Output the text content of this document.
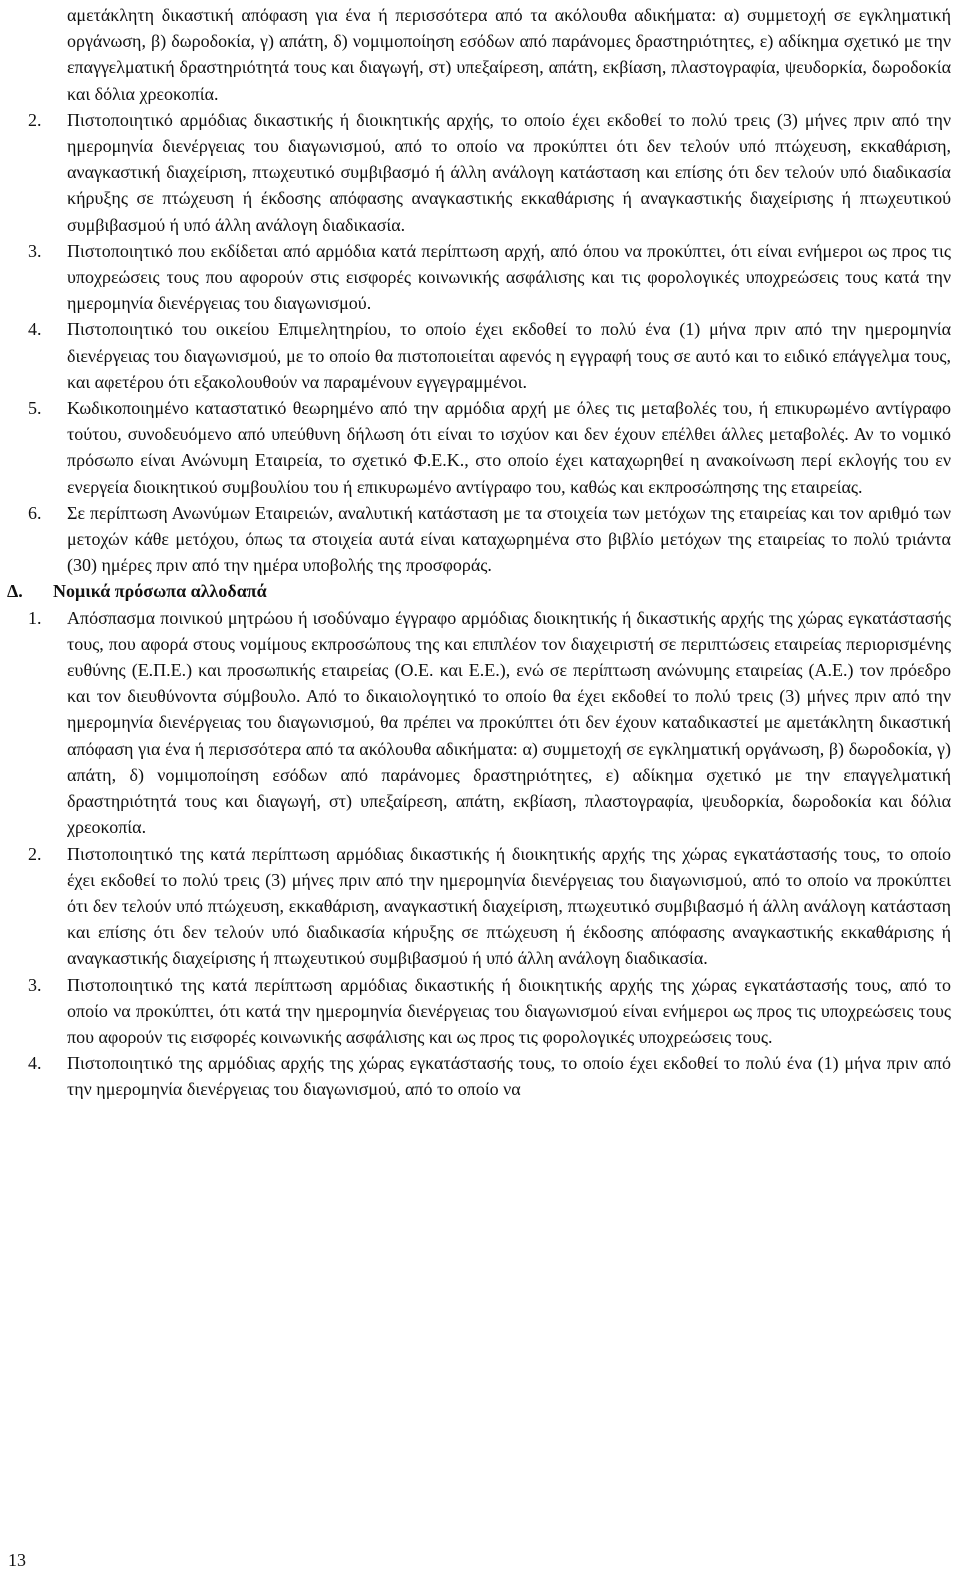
αμετάκλητη δικαστική απόφαση για ένα ή περισσότερα από τα ακόλουθα αδικήματα: α) συμμετοχή σε εγκληματική οργάνωση, β) δωροδοκία, γ) απάτη, δ) νομιμοποίηση εσόδων από παράνομες δραστηριότητες, ε) αδίκημα σχετικό με την επαγγελματική δραστηριότητά τους και διαγωγή, στ) υπεξαίρεση, απάτη, εκβίαση, πλαστογραφία, ψευδορκία, δωροδοκία και δόλια χρεοκοπία.

2. Πιστοποιητικό αρμόδιας δικαστικής ή διοικητικής αρχής, το οποίο έχει εκδοθεί το πολύ τρεις (3) μήνες πριν από την ημερομηνία διενέργειας του διαγωνισμού, από το οποίο να προκύπτει ότι δεν τελούν υπό πτώχευση, εκκαθάριση, αναγκαστική διαχείριση, πτωχευτικό συμβιβασμό ή άλλη ανάλογη κατάσταση και επίσης ότι δεν τελούν υπό διαδικασία κήρυξης σε πτώχευση ή έκδοσης απόφασης αναγκαστικής εκκαθάρισης ή αναγκαστικής διαχείρισης ή πτωχευτικού συμβιβασμού ή υπό άλλη ανάλογη διαδικασία.
3. Πιστοποιητικό που εκδίδεται από αρμόδια κατά περίπτωση αρχή, από όπου να προκύπτει, ότι είναι ενήμεροι ως προς τις υποχρεώσεις τους που αφορούν στις εισφορές κοινωνικής ασφάλισης και τις φορολογικές υποχρεώσεις τους κατά την ημερομηνία διενέργειας του διαγωνισμού.
4. Πιστοποιητικό του οικείου Επιμελητηρίου, το οποίο έχει εκδοθεί το πολύ ένα (1) μήνα πριν από την ημερομηνία διενέργειας του διαγωνισμού, με το οποίο θα πιστοποιείται αφενός η εγγραφή τους σε αυτό και το ειδικό επάγγελμα τους, και αφετέρου ότι εξακολουθούν να παραμένουν εγγεγραμμένοι.
5. Κωδικοποιημένο καταστατικό θεωρημένο από την αρμόδια αρχή με όλες τις μεταβολές του, ή επικυρωμένο αντίγραφο τούτου, συνοδευόμενο από υπεύθυνη δήλωση ότι είναι το ισχύον και δεν έχουν επέλθει άλλες μεταβολές. Αν το νομικό πρόσωπο είναι Ανώνυμη Εταιρεία, το σχετικό Φ.Ε.Κ., στο οποίο έχει καταχωρηθεί η ανακοίνωση περί εκλογής του εν ενεργεία διοικητικού συμβουλίου του ή επικυρωμένο αντίγραφο του, καθώς και εκπροσώπησης της εταιρείας.
6. Σε περίπτωση Ανωνύμων Εταιρειών, αναλυτική κατάσταση με τα στοιχεία των μετόχων της εταιρείας και τον αριθμό των μετοχών κάθε μετόχου, όπως τα στοιχεία αυτά είναι καταχωρημένα στο βιβλίο μετόχων της εταιρείας το πολύ τριάντα (30) ημέρες πριν από την ημέρα υποβολής της προσφοράς.
Δ. Νομικά πρόσωπα αλλοδαπά
1. Απόσπασμα ποινικού μητρώου ή ισοδύναμο έγγραφο αρμόδιας διοικητικής ή δικαστικής αρχής της χώρας εγκατάστασής τους, που αφορά στους νομίμους εκπροσώπους της και επιπλέον τον διαχειριστή σε περιπτώσεις εταιρείας περιορισμένης ευθύνης (Ε.Π.Ε.) και προσωπικής εταιρείας (Ο.Ε. και Ε.Ε.), ενώ σε περίπτωση ανώνυμης εταιρείας (Α.Ε.) τον πρόεδρο και τον διευθύνοντα σύμβουλο. Από το δικαιολογητικό το οποίο θα έχει εκδοθεί το πολύ τρεις (3) μήνες πριν από την ημερομηνία διενέργειας του διαγωνισμού, θα πρέπει να προκύπτει ότι δεν έχουν καταδικαστεί με αμετάκλητη δικαστική απόφαση για ένα ή περισσότερα από τα ακόλουθα αδικήματα: α) συμμετοχή σε εγκληματική οργάνωση, β) δωροδοκία, γ) απάτη, δ) νομιμοποίηση εσόδων από παράνομες δραστηριότητες, ε) αδίκημα σχετικό με την επαγγελματική δραστηριότητά τους και διαγωγή, στ) υπεξαίρεση, απάτη, εκβίαση, πλαστογραφία, ψευδορκία, δωροδοκία και δόλια χρεοκοπία.
2. Πιστοποιητικό της κατά περίπτωση αρμόδιας δικαστικής ή διοικητικής αρχής της χώρας εγκατάστασής τους, το οποίο έχει εκδοθεί το πολύ τρεις (3) μήνες πριν από την ημερομηνία διενέργειας του διαγωνισμού, από το οποίο να προκύπτει ότι δεν τελούν υπό πτώχευση, εκκαθάριση, αναγκαστική διαχείριση, πτωχευτικό συμβιβασμό ή άλλη ανάλογη κατάσταση και επίσης ότι δεν τελούν υπό διαδικασία κήρυξης σε πτώχευση ή έκδοσης απόφασης αναγκαστικής εκκαθάρισης ή αναγκαστικής διαχείρισης ή πτωχευτικού συμβιβασμού ή υπό άλλη ανάλογη διαδικασία.
3. Πιστοποιητικό της κατά περίπτωση αρμόδιας δικαστικής ή διοικητικής αρχής της χώρας εγκατάστασής τους, από το οποίο να προκύπτει, ότι κατά την ημερομηνία διενέργειας του διαγωνισμού είναι ενήμεροι ως προς τις υποχρεώσεις τους που αφορούν τις εισφορές κοινωνικής ασφάλισης και ως προς τις φορολογικές υποχρεώσεις τους.
4. Πιστοποιητικό της αρμόδιας αρχής της χώρας εγκατάστασής τους, το οποίο έχει εκδοθεί το πολύ ένα (1) μήνα πριν από την ημερομηνία διενέργειας του διαγωνισμού, από το οποίο να
13
